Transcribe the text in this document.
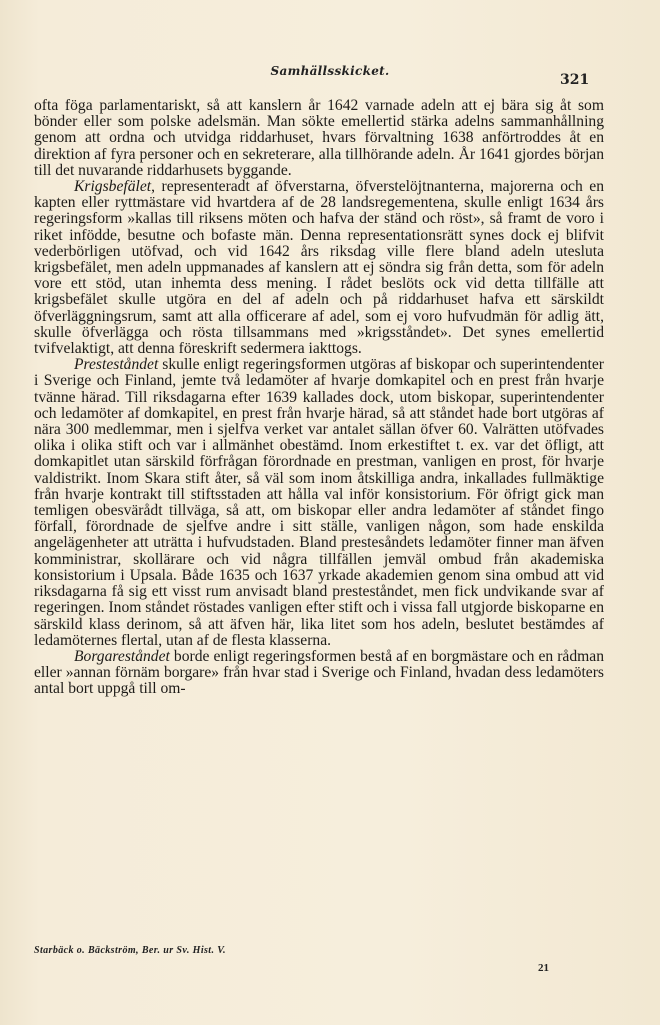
Samhällsskicket.
321

ofta föga parlamentariskt, så att kanslern år 1642 varnade adeln att ej bära sig åt som bönder eller som polske adelsmän. Man sökte emellertid stärka adelns sammanhållning genom att ordna och utvidga riddarhuset, hvars förvaltning 1638 anförtroddes åt en direktion af fyra personer och en sekreterare, alla tillhörande adeln. År 1641 gjordes början till det nuvarande riddarhusets byggande.

Krigsbefälet, representeradt af öfverstarna, öfverstelöjtnanterna, majorerna och en kapten eller ryttmästare vid hvartdera af de 28 landsregementena, skulle enligt 1634 års regeringsform »kallas till riksens möten och hafva der ständ och röst», så framt de voro i riket infödde, besutne och bofaste män. Denna representationsrätt synes dock ej blifvit vederbörligen utöfvad, och vid 1642 års riksdag ville flere bland adeln utesluta krigsbefälet, men adeln uppmanades af kanslern att ej söndra sig från detta, som för adeln vore ett stöd, utan inhemta dess mening. I rådet beslöts ock vid detta tillfälle att krigsbefälet skulle utgöra en del af adeln och på riddarhuset hafva ett särskildt öfverläggningsrum, samt att alla officerare af adel, som ej voro hufvudmän för adlig ätt, skulle öfverlägga och rösta tillsammans med »krigsståndet». Det synes emellertid tvifvelaktigt, att denna föreskrift sedermera iakttogs.

Presteståndet skulle enligt regeringsformen utgöras af biskopar och superintendenter i Sverige och Finland, jemte två ledamöter af hvarje domkapitel och en prest från hvarje tvänne härad. Till riksdagarna efter 1639 kallades dock, utom biskopar, superintendenter och ledamöter af domkapitel, en prest från hvarje härad, så att ståndet hade bort utgöras af nära 300 medlemmar, men i sjelfva verket var antalet sällan öfver 60. Valrätten utöfvades olika i olika stift och var i allmänhet obestämd. Inom erkestiftet t. ex. var det öfligt, att domkapitlet utan särskild förfrågan förordnade en prestman, vanligen en prost, för hvarje valdistrikt. Inom Skara stift åter, så väl som inom åtskilliga andra, inkallades fullmäktige från hvarje kontrakt till stiftsstaden att hålla val inför konsistorium. För öfrigt gick man temligen obesvärådt tillväga, så att, om biskopar eller andra ledamöter af ståndet fingo förfall, förordnade de sjelfve andre i sitt ställe, vanligen någon, som hade enskilda angelägenheter att uträtta i hufvudstaden. Bland prestesåndets ledamöter finner man äfven komministrar, skollärare och vid några tillfällen jemväl ombud från akademiska konsistorium i Upsala. Både 1635 och 1637 yrkade akademien genom sina ombud att vid riksdagarna få sig ett visst rum anvisadt bland presteståndet, men fick undvikande svar af regeringen. Inom ståndet röstades vanligen efter stift och i vissa fall utgjorde biskoparne en särskild klass derinom, så att äfven här, lika litet som hos adeln, beslutet bestämdes af ledamöternes flertal, utan af de flesta klasserna.

Borgareståndet borde enligt regeringsformen bestå af en borgmästare och en rådman eller »annan förnäm borgare» från hvar stad i Sverige och Finland, hvadan dess ledamöters antal bort uppgå till om-

Starbäck o. Bäckström, Ber. ur Sv. Hist. V.
21
